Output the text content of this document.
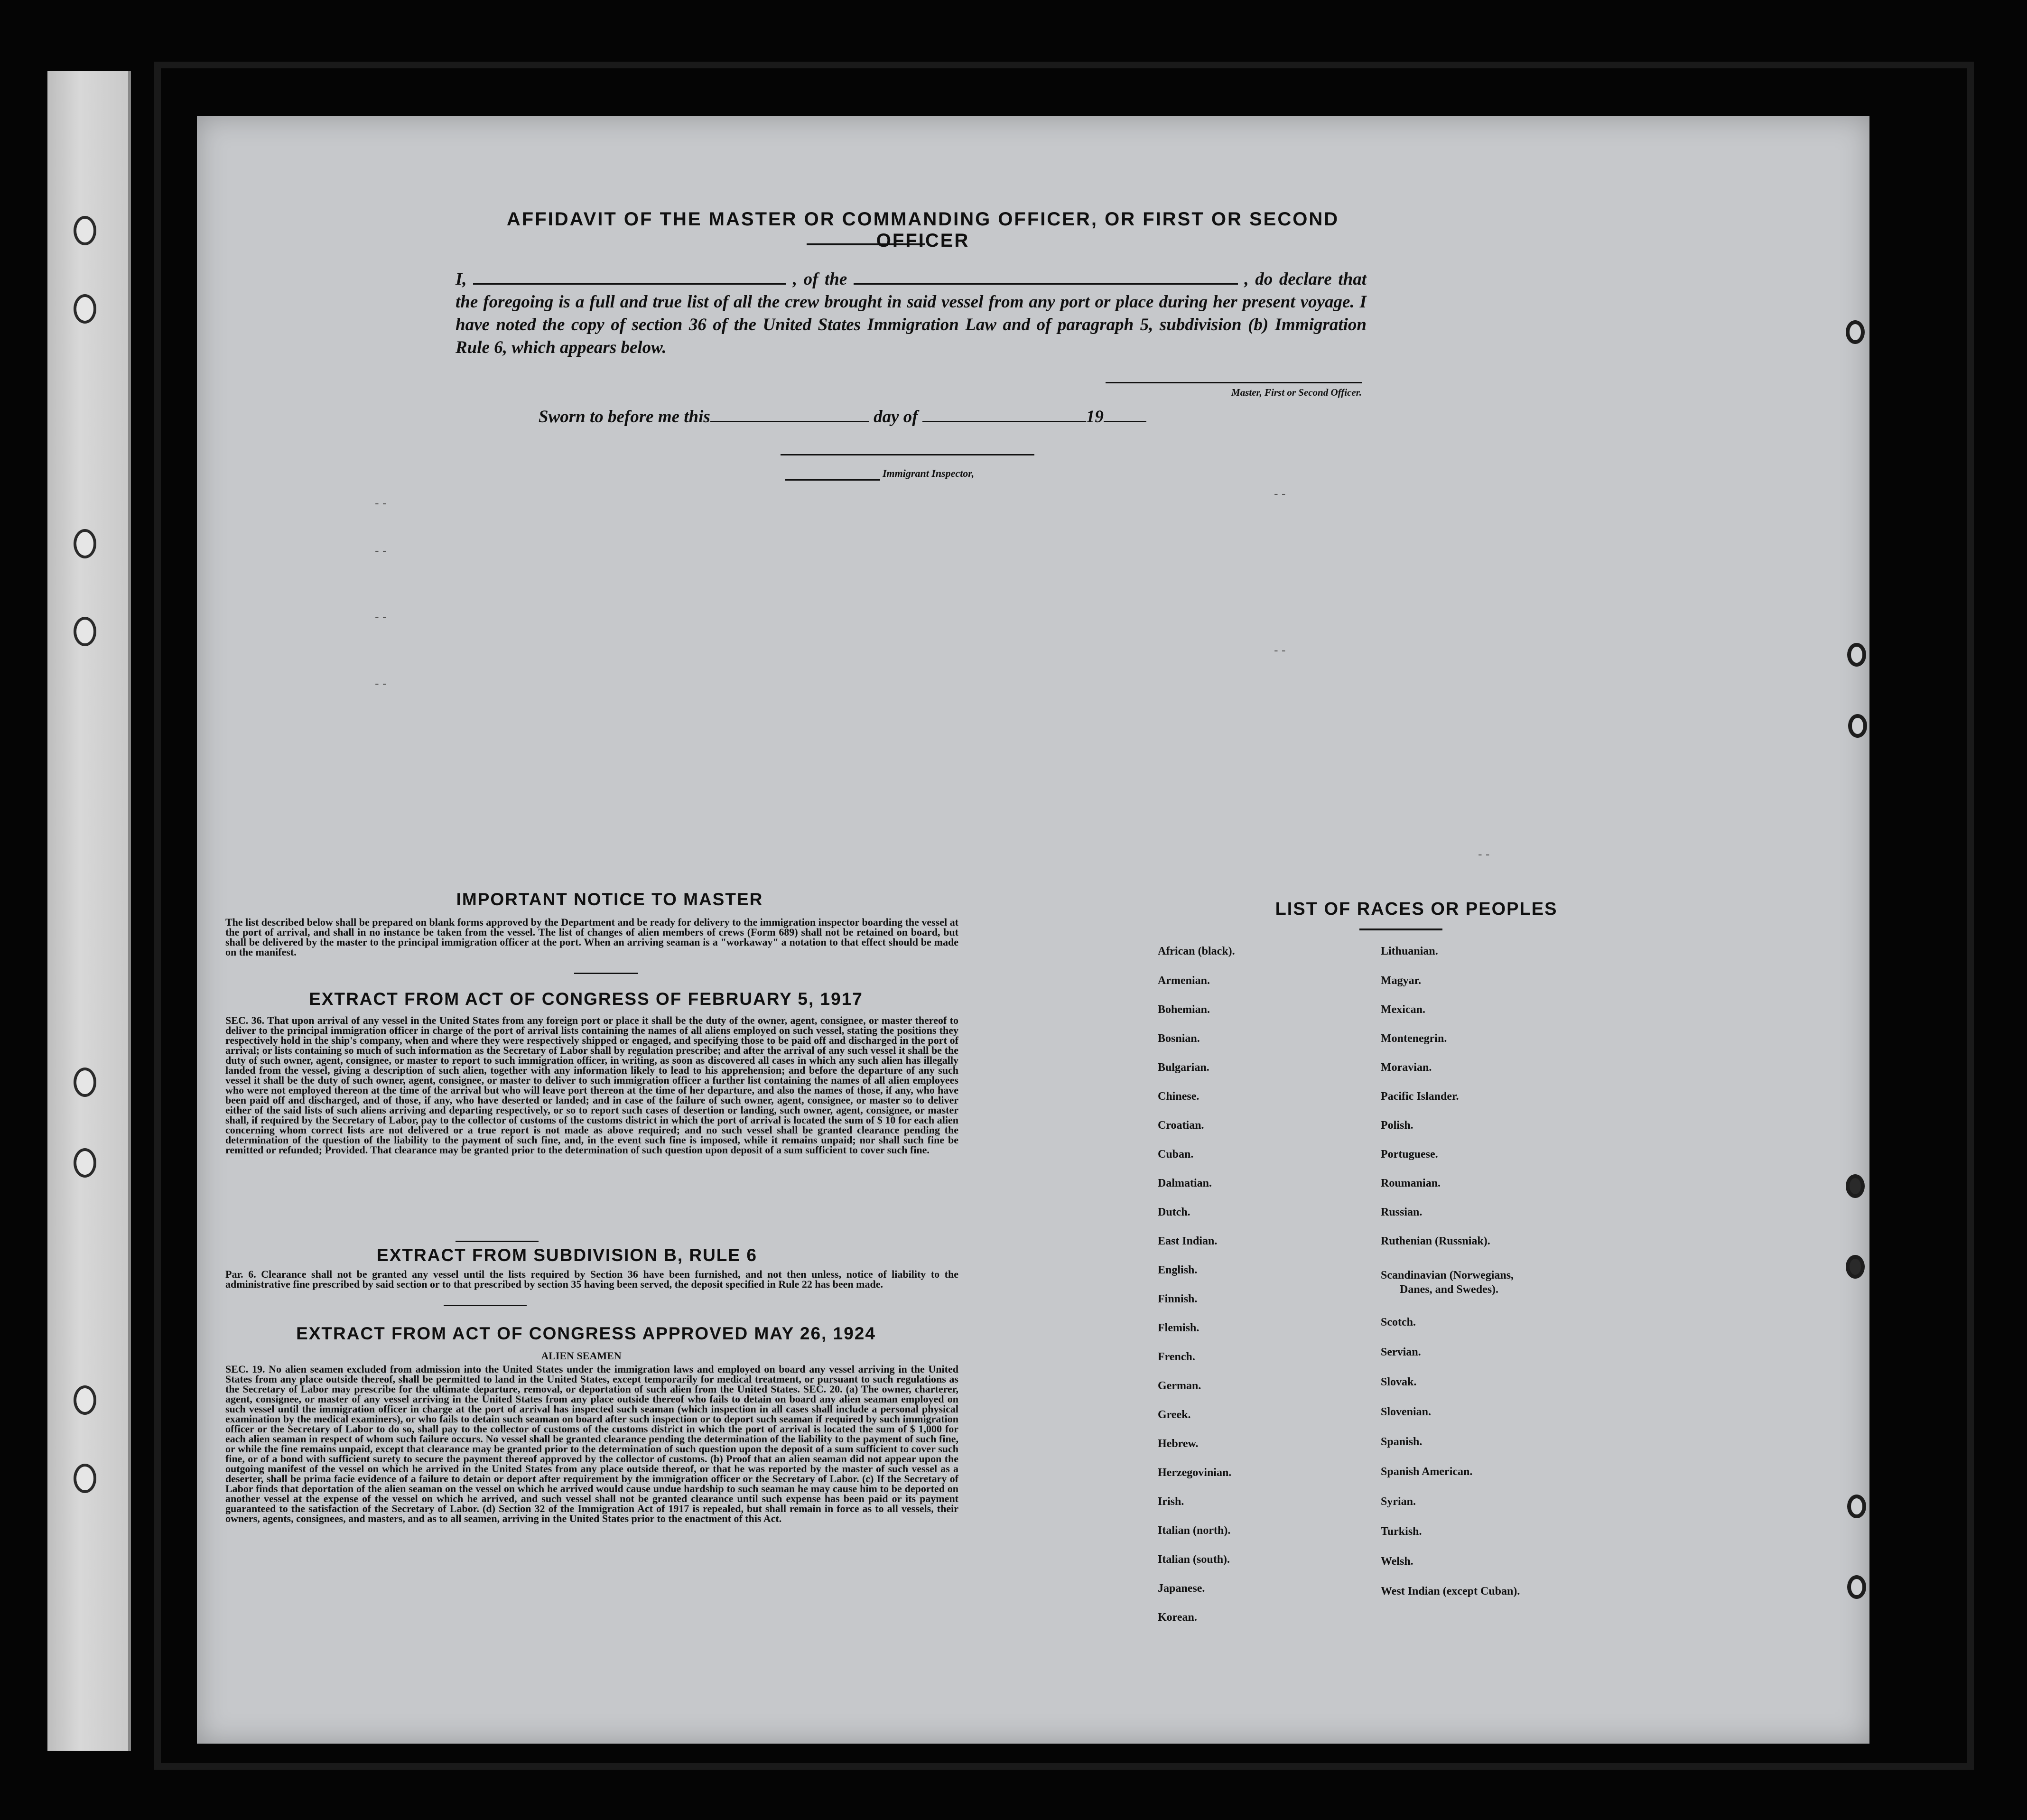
AFFIDAVIT OF THE MASTER OR COMMANDING OFFICER, OR FIRST OR SECOND OFFICER
I,	, of the	, do declare that the foregoing is a full and true list of all the crew brought in said vessel from any port or place during her present voyage. I have noted the copy of section 36 of the United States Immigration Law and of paragraph 5, subdivision (b) Immigration Rule 6, which appears below.
Master, First or Second Officer.
Sworn to before me this	day of	19
Immigrant Inspector,
- -
- -
- -
- -
- -
- -
- -
IMPORTANT NOTICE TO MASTER
The list described below shall be prepared on blank forms approved by the Department and be ready for delivery to the immigration inspector boarding the vessel at the port of arrival, and shall in no instance be taken from the vessel. The list of changes of alien members of crews (Form 689) shall not be retained on board, but shall be delivered by the master to the principal immigration officer at the port. When an arriving seaman is a "workaway" a notation to that effect should be made on the manifest.
EXTRACT FROM ACT OF CONGRESS OF FEBRUARY 5, 1917
SEC. 36. That upon arrival of any vessel in the United States from any foreign port or place it shall be the duty of the owner, agent, consignee, or master thereof to deliver to the principal immigration officer in charge of the port of arrival lists containing the names of all aliens employed on such vessel, stating the positions they respectively hold in the ship's company, when and where they were respectively shipped or engaged, and specifying those to be paid off and discharged in the port of arrival; or lists containing so much of such information as the Secretary of Labor shall by regulation prescribe; and after the arrival of any such vessel it shall be the duty of such owner, agent, consignee, or master to report to such immigration officer, in writing, as soon as discovered all cases in which any such alien has illegally landed from the vessel, giving a description of such alien, together with any information likely to lead to his apprehension; and before the departure of any such vessel it shall be the duty of such owner, agent, consignee, or master to deliver to such immigration officer a further list containing the names of all alien employees who were not employed thereon at the time of the arrival but who will leave port thereon at the time of her departure, and also the names of those, if any, who have been paid off and discharged, and of those, if any, who have deserted or landed; and in case of the failure of such owner, agent, consignee, or master so to deliver either of the said lists of such aliens arriving and departing respectively, or so to report such cases of desertion or landing, such owner, agent, consignee, or master shall, if required by the Secretary of Labor, pay to the collector of customs of the customs district in which the port of arrival is located the sum of $ 10 for each alien concerning whom correct lists are not delivered or a true report is not made as above required; and no such vessel shall be granted clearance pending the determination of the question of the liability to the payment of such fine, and, in the event such fine is imposed, while it remains unpaid; nor shall such fine be remitted or refunded; Provided. That clearance may be granted prior to the determination of such question upon deposit of a sum sufficient to cover such fine.
EXTRACT FROM SUBDIVISION B, RULE 6
Par. 6. Clearance shall not be granted any vessel until the lists required by Section 36 have been furnished, and not then unless, notice of liability to the administrative fine prescribed by said section or to that prescribed by section 35 having been served, the deposit specified in Rule 22 has been made.
EXTRACT FROM ACT OF CONGRESS APPROVED MAY 26, 1924
ALIEN SEAMEN
SEC. 19. No alien seamen excluded from admission into the United States under the immigration laws and employed on board any vessel arriving in the United States from any place outside thereof, shall be permitted to land in the United States, except temporarily for medical treatment, or pursuant to such regulations as the Secretary of Labor may prescribe for the ultimate departure, removal, or deportation of such alien from the United States. SEC. 20. (a) The owner, charterer, agent, consignee, or master of any vessel arriving in the United States from any place outside thereof who fails to detain on board any alien seaman employed on such vessel until the immigration officer in charge at the port of arrival has inspected such seaman (which inspection in all cases shall include a personal physical examination by the medical examiners), or who fails to detain such seaman on board after such inspection or to deport such seaman if required by such immigration officer or the Secretary of Labor to do so, shall pay to the collector of customs of the customs district in which the port of arrival is located the sum of $ 1,000 for each alien seaman in respect of whom such failure occurs. No vessel shall be granted clearance pending the determination of the liability to the payment of such fine, or while the fine remains unpaid, except that clearance may be granted prior to the determination of such question upon the deposit of a sum sufficient to cover such fine, or of a bond with sufficient surety to secure the payment thereof approved by the collector of customs. (b) Proof that an alien seaman did not appear upon the outgoing manifest of the vessel on which he arrived in the United States from any place outside thereof, or that he was reported by the master of such vessel as a deserter, shall be prima facie evidence of a failure to detain or deport after requirement by the immigration officer or the Secretary of Labor. (c) If the Secretary of Labor finds that deportation of the alien seaman on the vessel on which he arrived would cause undue hardship to such seaman he may cause him to be deported on another vessel at the expense of the vessel on which he arrived, and such vessel shall not be granted clearance until such expense has been paid or its payment guaranteed to the satisfaction of the Secretary of Labor. (d) Section 32 of the Immigration Act of 1917 is repealed, but shall remain in force as to all vessels, their owners, agents, consignees, and masters, and as to all seamen, arriving in the United States prior to the enactment of this Act.
LIST OF RACES OR PEOPLES
African (black).
Armenian.
Bohemian.
Bosnian.
Bulgarian.
Chinese.
Croatian.
Cuban.
Dalmatian.
Dutch.
East Indian.
English.
Finnish.
Flemish.
French.
German.
Greek.
Hebrew.
Herzegovinian.
Irish.
Italian (north).
Italian (south).
Japanese.
Korean.
Lithuanian.
Magyar.
Mexican.
Montenegrin.
Moravian.
Pacific Islander.
Polish.
Portuguese.
Roumanian.
Russian.
Ruthenian (Russniak).
Scandinavian (Norwegians,
Danes, and Swedes).
Scotch.
Servian.
Slovak.
Slovenian.
Spanish.
Spanish American.
Syrian.
Turkish.
Welsh.
West Indian (except Cuban).
